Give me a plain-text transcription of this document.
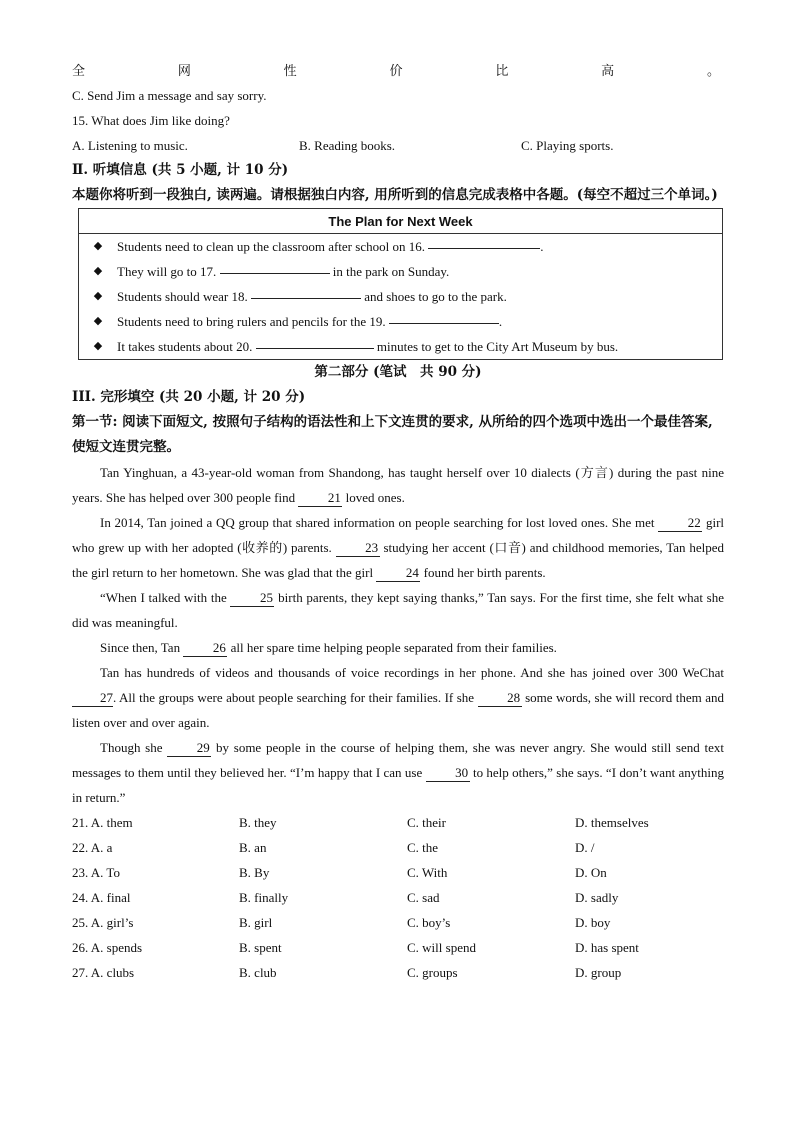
全	网	性	价	比	高	。
C. Send Jim a message and say sorry.
15. What does Jim like doing?
A. Listening to music.	B. Reading books.	C. Playing sports.
Ⅱ. 听填信息 (共 5 小题, 计 10 分)
本题你将听到一段独白, 读两遍。请根据独白内容, 用所听到的信息完成表格中各题。(每空不超过三个单词。)
The Plan for Next Week

◆	Students need to clean up the classroom after school on 16.
	.
◆	They will go to 17.

	in the park on Sunday.
◆	Students should wear 18.

	and shoes to go to the park.
◆	Students need to bring rulers and pencils for the 19.
	.
◆	It takes students about 20.

	minutes to get to the City Art Museum by bus.
第二部分 (笔试　共 90 分)
III. 完形填空 (共 20 小题, 计 20 分)
第一节: 阅读下面短文, 按照句子结构的语法性和上下文连贯的要求, 从所给的四个选项中选出一个最佳答案, 使短文连贯完整。
Tan Yinghuan, a 43-year-old woman from Shandong, has taught herself over 10 dialects (方言) during the past nine years. She has helped over 300 people find	21 loved ones.
In 2014, Tan joined a QQ group that shared information on people searching for lost loved ones. She met	22 girl who grew up with her adopted (收养的) parents.	23 studying her accent (口音) and childhood memories, Tan helped the girl return to her hometown. She was glad that the girl	24 found her birth parents.
“When I talked with the	25 birth parents, they kept saying thanks,” Tan says. For the first time, she felt what she did was meaningful.
Since then, Tan	26 all her spare time helping people separated from their families.
Tan has hundreds of videos and thousands of voice recordings in her phone. And she has joined over 300 WeChat 27. All the groups were about people searching for their families. If she	28 some words, she will record them and listen over and over again.
Though she	29 by some people in the course of helping them, she was never angry. She would still send text messages to them until they believed her. “I’m happy that I can use	30 to help others,” she says. “I don’t want anything in return.”
21. A. them	B. they	C. their	D. themselves
22. A. a	B. an	C. the	D. /
23. A. To	B. By	C. With	D. On
24. A. final	B. finally	C. sad	D. sadly
25. A. girl’s	B. girl	C. boy’s	D. boy
26. A. spends	B. spent	C. will spend	D. has spent
27. A. clubs	B. club	C. groups	D. group
